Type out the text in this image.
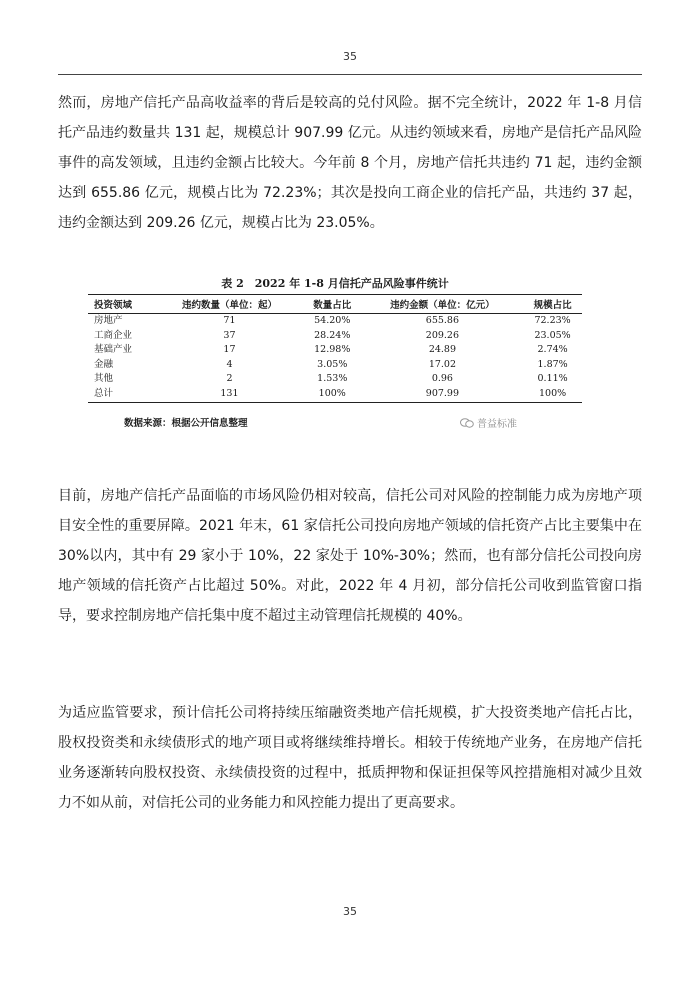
35

然而，房地产信托产品高收益率的背后是较高的兑付风险。据不完全统计，2022 年 1-8 月信托产品违约数量共 131 起，规模总计 907.99 亿元。从违约领域来看，房地产是信托产品风险事件的高发领域，且违约金额占比较大。今年前 8 个月，房地产信托共违约 71 起，违约金额达到 655.86 亿元，规模占比为 72.23%；其次是投向工商企业的信托产品，共违约 37 起，违约金额达到 209.26 亿元，规模占比为 23.05%。

表 2　2022 年 1-8 月信托产品风险事件统计
投资领域	违约数量（单位：起）	数量占比	违约金额（单位：亿元）	规模占比
房地产	71	54.20%	655.86	72.23%
工商企业	37	28.24%	209.26	23.05%
基础产业	17	12.98%	24.89	2.74%
金融	4	3.05%	17.02	1.87%
其他	2	1.53%	0.96	0.11%
总计	131	100%	907.99	100%
数据来源：根据公开信息整理	普益标准

目前，房地产信托产品面临的市场风险仍相对较高，信托公司对风险的控制能力成为房地产项目安全性的重要屏障。2021 年末，61 家信托公司投向房地产领域的信托资产占比主要集中在 30%以内，其中有 29 家小于 10%，22 家处于 10%-30%；然而，也有部分信托公司投向房地产领域的信托资产占比超过 50%。对此，2022 年 4 月初，部分信托公司收到监管窗口指导，要求控制房地产信托集中度不超过主动管理信托规模的 40%。

为适应监管要求，预计信托公司将持续压缩融资类地产信托规模，扩大投资类地产信托占比，股权投资类和永续债形式的地产项目或将继续维持增长。相较于传统地产业务，在房地产信托业务逐渐转向股权投资、永续债投资的过程中，抵质押物和保证担保等风控措施相对减少且效力不如从前，对信托公司的业务能力和风控能力提出了更高要求。

35
